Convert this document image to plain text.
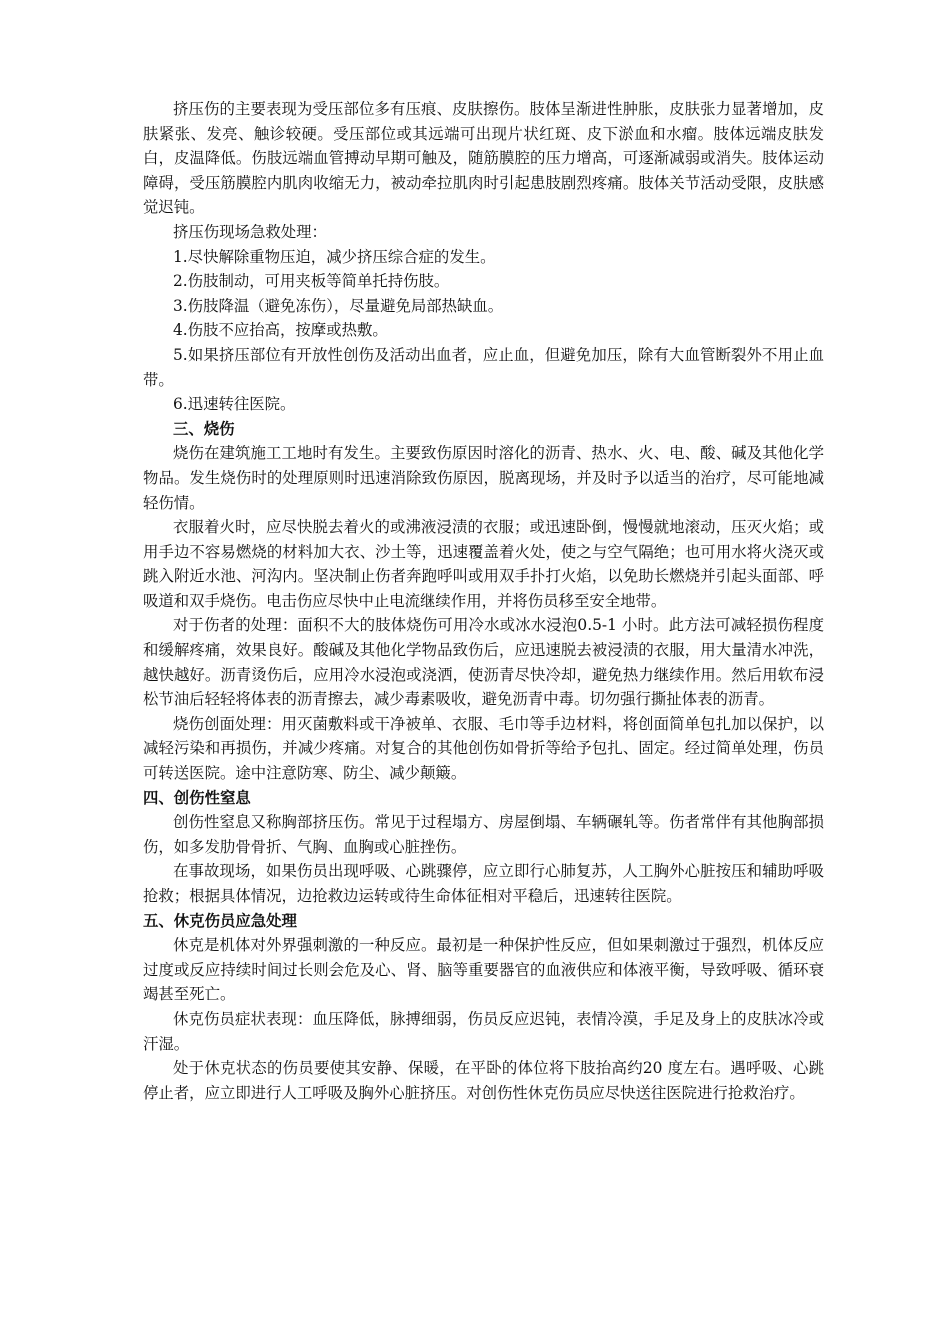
挤压伤的主要表现为受压部位多有压痕、皮肤擦伤。肢体呈渐进性肿胀，皮肤张力显著增加，皮肤紧张、发亮、触诊较硬。受压部位或其远端可出现片状红斑、皮下淤血和水瘤。肢体远端皮肤发白，皮温降低。伤肢远端血管搏动早期可触及，随筋膜腔的压力增高，可逐渐减弱或消失。肢体运动障碍，受压筋膜腔内肌肉收缩无力，被动牵拉肌肉时引起患肢剧烈疼痛。肢体关节活动受限，皮肤感觉迟钝。

挤压伤现场急救处理：

1.尽快解除重物压迫，减少挤压综合症的发生。

2.伤肢制动，可用夹板等简单托持伤肢。

3.伤肢降温（避免冻伤），尽量避免局部热缺血。

4.伤肢不应抬高，按摩或热敷。

5.如果挤压部位有开放性创伤及活动出血者，应止血，但避免加压，除有大血管断裂外不用止血带。

6.迅速转往医院。

三、烧伤

烧伤在建筑施工工地时有发生。主要致伤原因时溶化的沥青、热水、火、电、酸、碱及其他化学物品。发生烧伤时的处理原则时迅速消除致伤原因，脱离现场，并及时予以适当的治疗，尽可能地减轻伤情。

衣服着火时，应尽快脱去着火的或沸液浸渍的衣服；或迅速卧倒，慢慢就地滚动，压灭火焰；或用手边不容易燃烧的材料加大衣、沙土等，迅速覆盖着火处，使之与空气隔绝；也可用水将火浇灭或跳入附近水池、河沟内。坚决制止伤者奔跑呼叫或用双手扑打火焰，以免助长燃烧并引起头面部、呼吸道和双手烧伤。电击伤应尽快中止电流继续作用，并将伤员移至安全地带。

对于伤者的处理：面积不大的肢体烧伤可用冷水或冰水浸泡0.5-1 小时。此方法可减轻损伤程度和缓解疼痛，效果良好。酸碱及其他化学物品致伤后，应迅速脱去被浸渍的衣服，用大量清水冲洗，越快越好。沥青烫伤后，应用冷水浸泡或浇洒，使沥青尽快冷却，避免热力继续作用。然后用软布浸松节油后轻轻将体表的沥青擦去，减少毒素吸收，避免沥青中毒。切勿强行撕扯体表的沥青。

烧伤创面处理：用灭菌敷料或干净被单、衣服、毛巾等手边材料，将创面简单包扎加以保护，以减轻污染和再损伤，并减少疼痛。对复合的其他创伤如骨折等给予包扎、固定。经过简单处理，伤员可转送医院。途中注意防寒、防尘、减少颠簸。

四、创伤性窒息

创伤性窒息又称胸部挤压伤。常见于过程塌方、房屋倒塌、车辆碾轧等。伤者常伴有其他胸部损伤，如多发肋骨骨折、气胸、血胸或心脏挫伤。

在事故现场，如果伤员出现呼吸、心跳骤停，应立即行心肺复苏，人工胸外心脏按压和辅助呼吸抢救；根据具体情况，边抢救边运转或待生命体征相对平稳后，迅速转往医院。

五、休克伤员应急处理

休克是机体对外界强刺激的一种反应。最初是一种保护性反应，但如果刺激过于强烈，机体反应过度或反应持续时间过长则会危及心、肾、脑等重要器官的血液供应和体液平衡，导致呼吸、循环衰竭甚至死亡。

休克伤员症状表现：血压降低，脉搏细弱，伤员反应迟钝，表情冷漠，手足及身上的皮肤冰冷或汗湿。

处于休克状态的伤员要使其安静、保暖，在平卧的体位将下肢抬高约20 度左右。遇呼吸、心跳停止者，应立即进行人工呼吸及胸外心脏挤压。对创伤性休克伤员应尽快送往医院进行抢救治疗。
